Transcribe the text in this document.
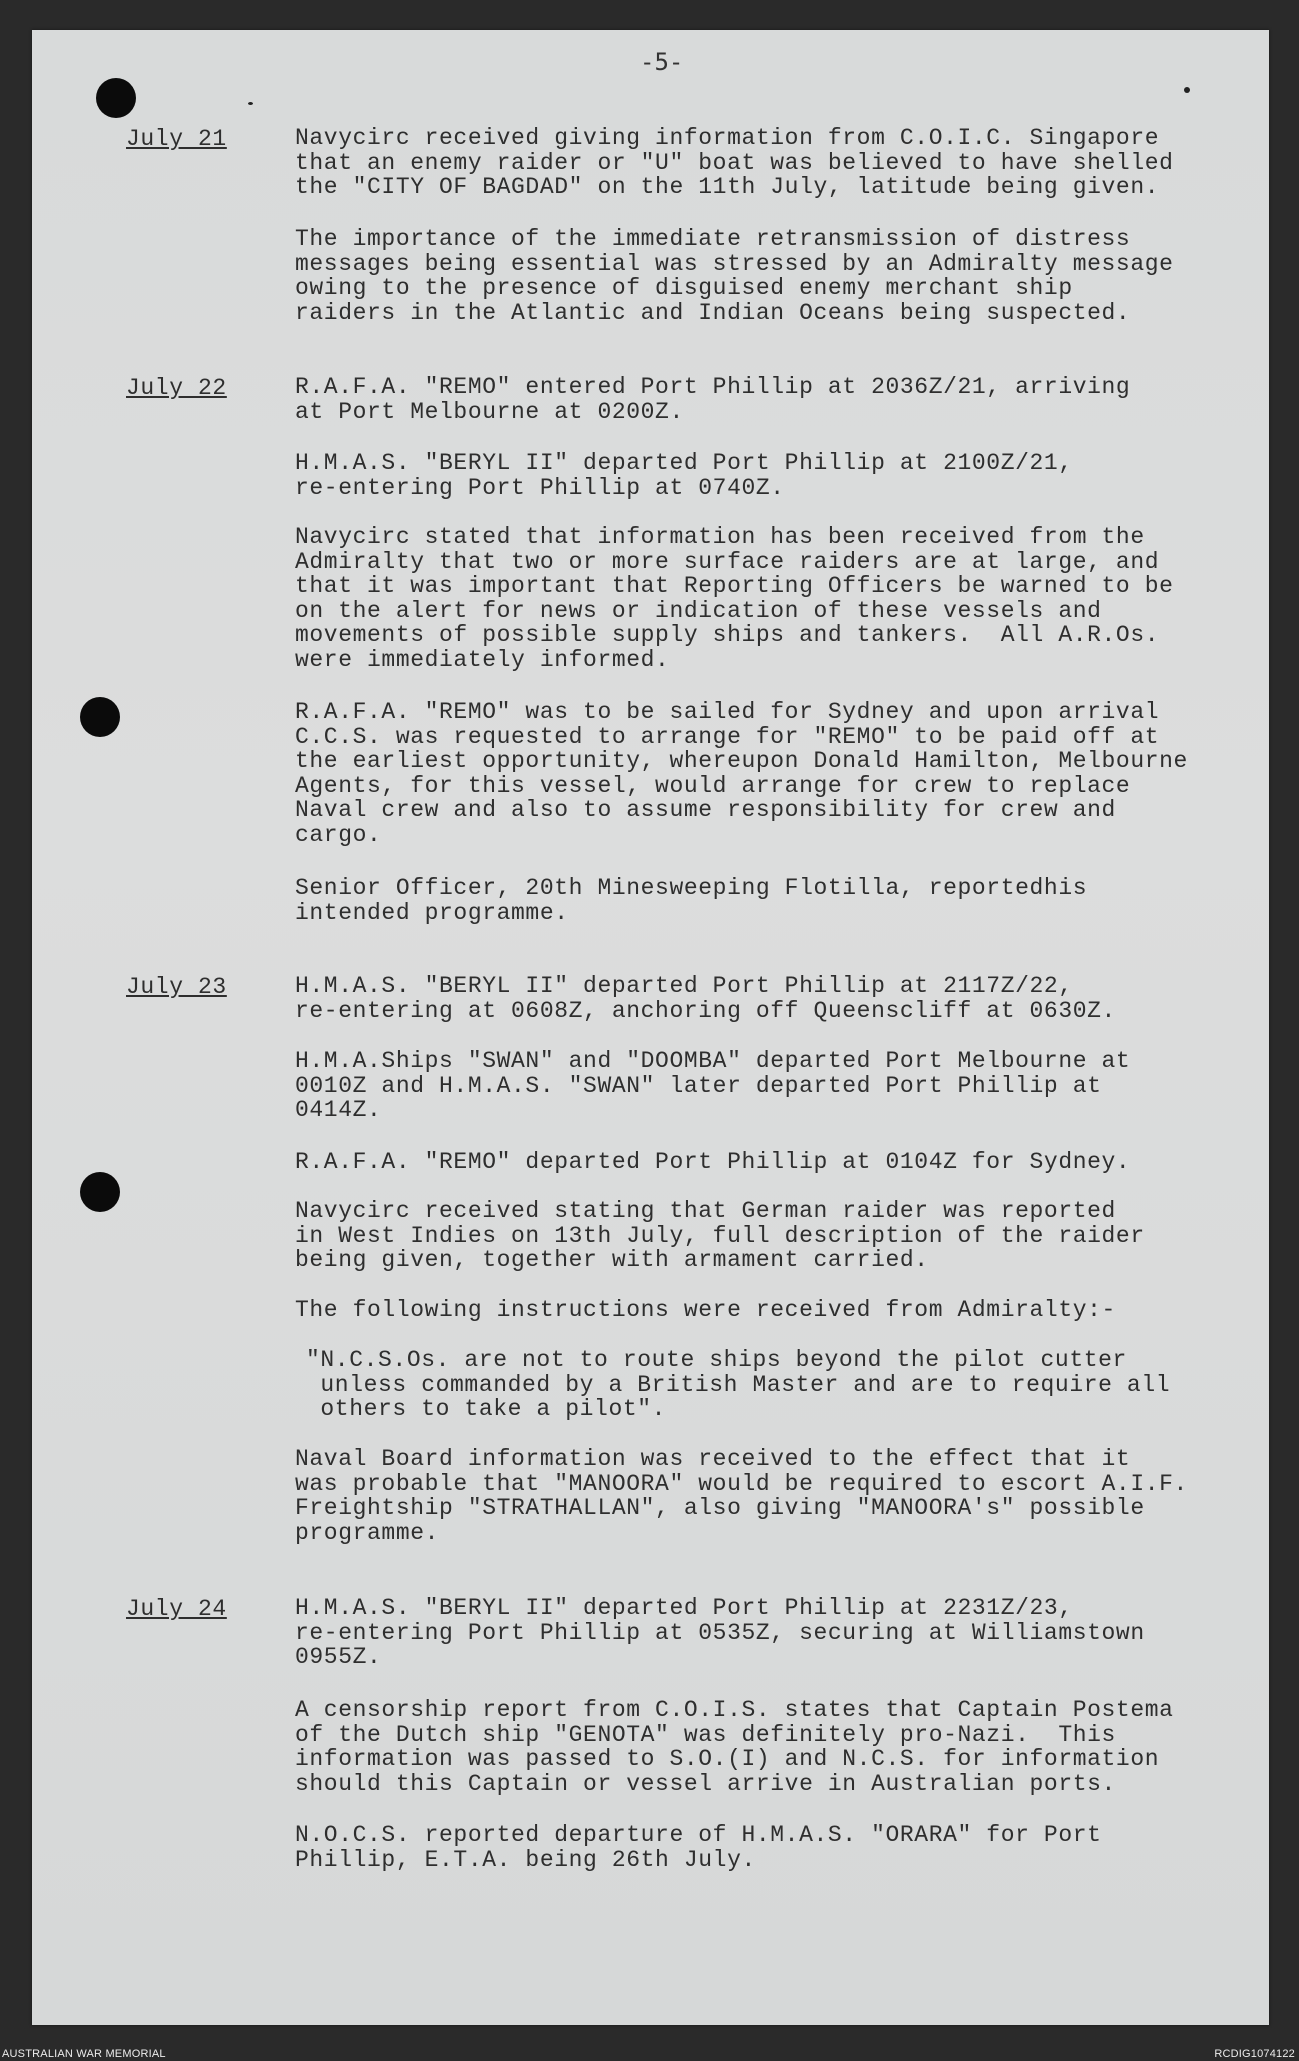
-5-
July 21	Navycirc received giving information from C.O.I.C. Singapore
that an enemy raider or "U" boat was believed to have shelled
the "CITY OF BAGDAD" on the 11th July, latitude being given.
The importance of the immediate retransmission of distress
messages being essential was stressed by an Admiralty message
owing to the presence of disguised enemy merchant ship
raiders in the Atlantic and Indian Oceans being suspected.
July 22	R.A.F.A. "REMO" entered Port Phillip at 2036Z/21, arriving
at Port Melbourne at 0200Z.
H.M.A.S. "BERYL II" departed Port Phillip at 2100Z/21,
re-entering Port Phillip at 0740Z.
Navycirc stated that information has been received from the
Admiralty that two or more surface raiders are at large, and
that it was important that Reporting Officers be warned to be
on the alert for news or indication of these vessels and
movements of possible supply ships and tankers.  All A.R.Os.
were immediately informed.
R.A.F.A. "REMO" was to be sailed for Sydney and upon arrival
C.C.S. was requested to arrange for "REMO" to be paid off at
the earliest opportunity, whereupon Donald Hamilton, Melbourne
Agents, for this vessel, would arrange for crew to replace
Naval crew and also to assume responsibility for crew and
cargo.
Senior Officer, 20th Minesweeping Flotilla, reportedhis
intended programme.
July 23	H.M.A.S. "BERYL II" departed Port Phillip at 2117Z/22,
re-entering at 0608Z, anchoring off Queenscliff at 0630Z.
H.M.A.Ships "SWAN" and "DOOMBA" departed Port Melbourne at
0010Z and H.M.A.S. "SWAN" later departed Port Phillip at
0414Z.
R.A.F.A. "REMO" departed Port Phillip at 0104Z for Sydney.
Navycirc received stating that German raider was reported
in West Indies on 13th July, full description of the raider
being given, together with armament carried.
The following instructions were received from Admiralty:-
"N.C.S.Os. are not to route ships beyond the pilot cutter
unless commanded by a British Master and are to require all
others to take a pilot".
Naval Board information was received to the effect that it
was probable that "MANOORA" would be required to escort A.I.F.
Freightship "STRATHALLAN", also giving "MANOORA's" possible
programme.
July 24	H.M.A.S. "BERYL II" departed Port Phillip at 2231Z/23,
re-entering Port Phillip at 0535Z, securing at Williamstown
0955Z.
A censorship report from C.O.I.S. states that Captain Postema
of the Dutch ship "GENOTA" was definitely pro-Nazi.  This
information was passed to S.O.(I) and N.C.S. for information
should this Captain or vessel arrive in Australian ports.
N.O.C.S. reported departure of H.M.A.S. "ORARA" for Port
Phillip, E.T.A. being 26th July.
AUSTRALIAN WAR MEMORIAL	RCDIG1074122
